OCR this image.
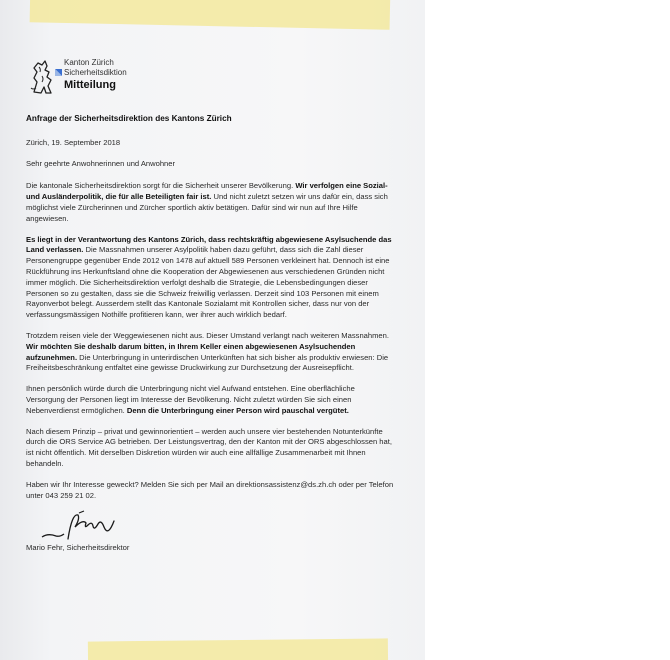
Kanton Zürich
Sicherheitsdiktion
Mitteilung

Anfrage der Sicherheitsdirektion des Kantons Zürich

Zürich, 19. September 2018

Sehr geehrte Anwohnerinnen und Anwohner

Die kantonale Sicherheitsdirektion sorgt für die Sicherheit unserer Bevölkerung. Wir verfolgen eine Sozial- und Ausländerpolitik, die für alle Beteiligten fair ist. Und nicht zuletzt setzen wir uns dafür ein, dass sich möglichst viele Zürcherinnen und Zürcher sportlich aktiv betätigen. Dafür sind wir nun auf Ihre Hilfe angewiesen.

Es liegt in der Verantwortung des Kantons Zürich, dass rechtskräftig abgewiesene Asylsuchende das Land verlassen. Die Massnahmen unserer Asylpolitik haben dazu geführt, dass sich die Zahl dieser Personengruppe gegenüber Ende 2012 von 1478 auf aktuell 589 Personen verkleinert hat. Dennoch ist eine Rückführung ins Herkunftsland ohne die Kooperation der Abgewiesenen aus verschiedenen Gründen nicht immer möglich. Die Sicherheitsdirektion verfolgt deshalb die Strategie, die Lebensbedingungen dieser Personen so zu gestalten, dass sie die Schweiz freiwillig verlassen. Derzeit sind 103 Personen mit einem Rayonverbot belegt. Ausserdem stellt das Kantonale Sozialamt mit Kontrollen sicher, dass nur von der verfassungsmässigen Nothilfe profitieren kann, wer ihrer auch wirklich bedarf.

Trotzdem reisen viele der Weggewiesenen nicht aus. Dieser Umstand verlangt nach weiteren Massnahmen. Wir möchten Sie deshalb darum bitten, in Ihrem Keller einen abgewiesenen Asylsuchenden aufzunehmen. Die Unterbringung in unterirdischen Unterkünften hat sich bisher als produktiv erwiesen: Die Freiheitsbeschränkung entfaltet eine gewisse Druckwirkung zur Durchsetzung der Ausreisepflicht.

Ihnen persönlich würde durch die Unterbringung nicht viel Aufwand entstehen. Eine oberflächliche Versorgung der Personen liegt im Interesse der Bevölkerung. Nicht zuletzt würden Sie sich einen Nebenverdienst ermöglichen. Denn die Unterbringung einer Person wird pauschal vergütet.

Nach diesem Prinzip – privat und gewinnorientiert – werden auch unsere vier bestehenden Notunterkünfte durch die ORS Service AG betrieben. Der Leistungsvertrag, den der Kanton mit der ORS abgeschlossen hat, ist nicht öffentlich. Mit derselben Diskretion würden wir auch eine allfällige Zusammenarbeit mit Ihnen behandeln.

Haben wir Ihr Interesse geweckt? Melden Sie sich per Mail an direktionsassistenz@ds.zh.ch oder per Telefon unter 043 259 21 02.

Mario Fehr, Sicherheitsdirektor
